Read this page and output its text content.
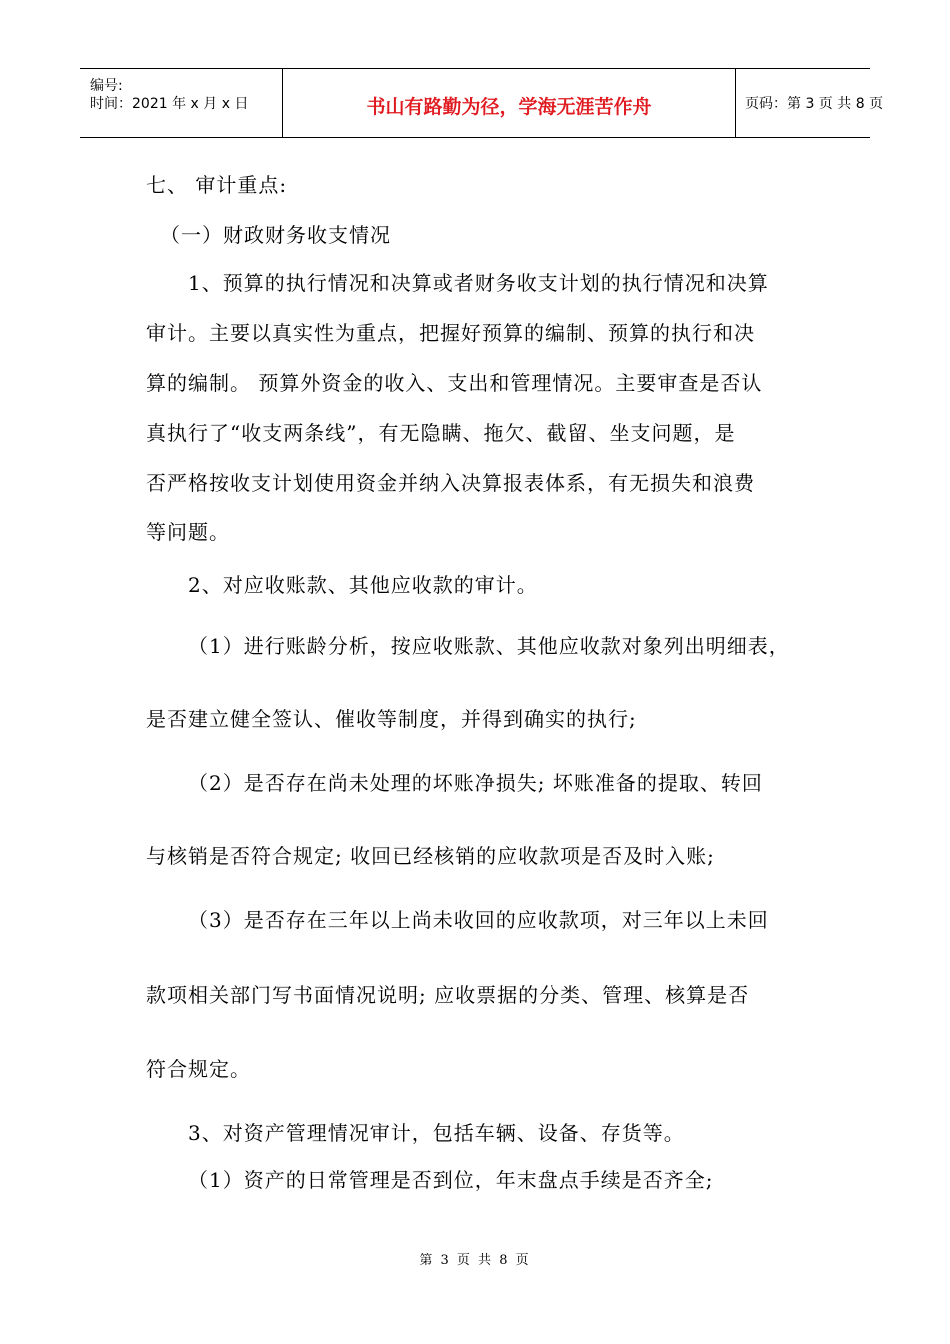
编号:
时间：2021 年 x 月 x 日	书山有路勤为径，学海无涯苦作舟	页码：第 3 页 共 8 页
七、 审计重点:
（一）财政财务收支情况
1、预算的执行情况和决算或者财务收支计划的执行情况和决算
审计。主要以真实性为重点，把握好预算的编制、预算的执行和决
算的编制。 预算外资金的收入、支出和管理情况。主要审查是否认
真执行了“收支两条线”，有无隐瞒、拖欠、截留、坐支问题，是
否严格按收支计划使用资金并纳入决算报表体系，有无损失和浪费
等问题。
2、对应收账款、其他应收款的审计。
（1）进行账龄分析，按应收账款、其他应收款对象列出明细表，
是否建立健全签认、催收等制度，并得到确实的执行;
（2）是否存在尚未处理的坏账净损失; 坏账准备的提取、转回
与核销是否符合规定; 收回已经核销的应收款项是否及时入账;
（3）是否存在三年以上尚未收回的应收款项，对三年以上未回
款项相关部门写书面情况说明; 应收票据的分类、管理、核算是否
符合规定。
3、对资产管理情况审计，包括车辆、设备、存货等。
（1）资产的日常管理是否到位，年末盘点手续是否齐全;
第 3 页 共 8 页
